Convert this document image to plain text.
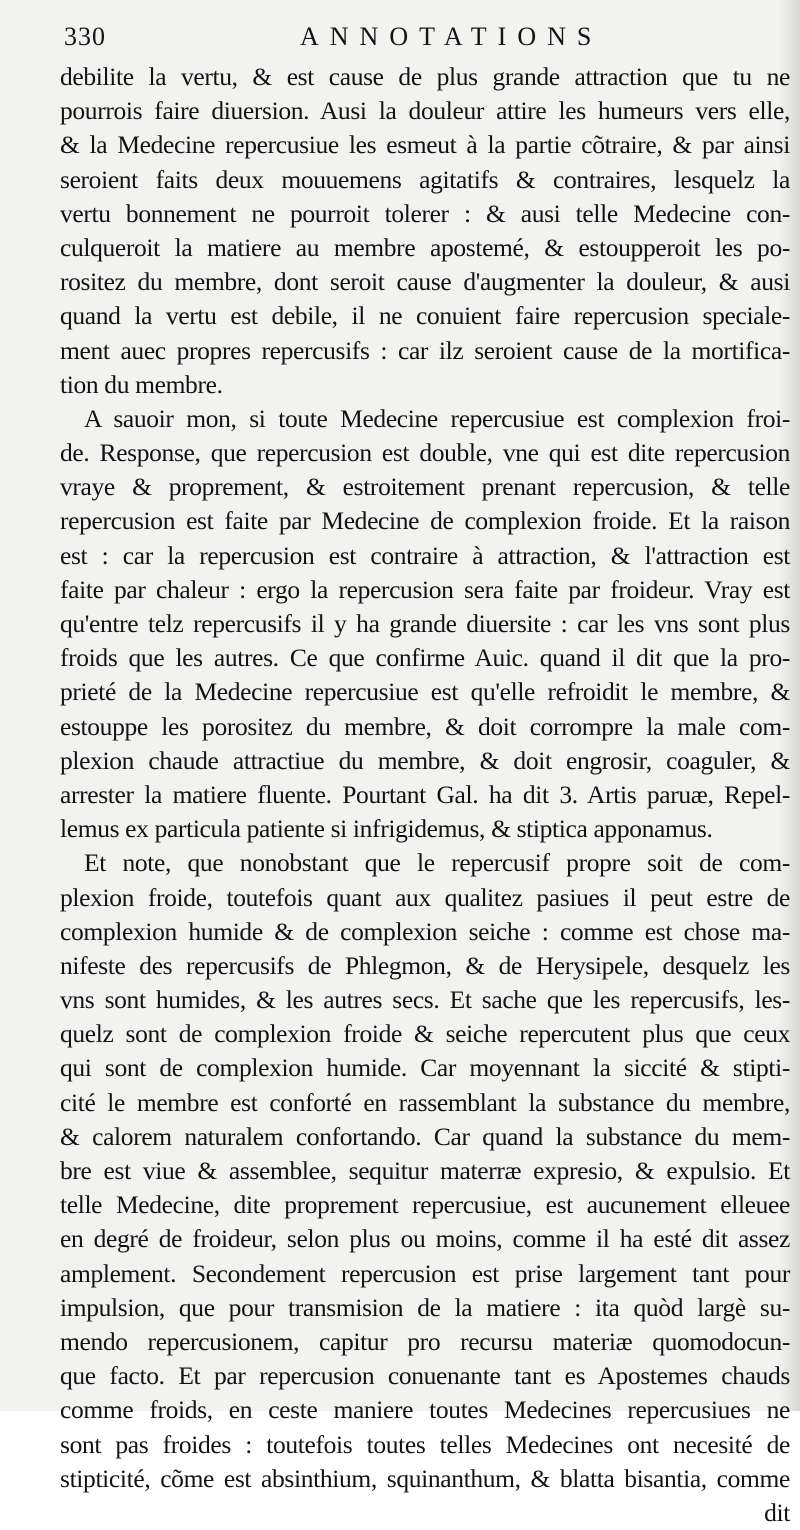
330	ANNOTATIONS
debilite la vertu, & est cause de plus grande attraction que tu ne
pourrois faire diuersion. Ausi la douleur attire les humeurs vers elle,
& la Medecine repercusiue les esmeut à la partie cõtraire, & par ainsi
seroient faits deux mouuemens agitatifs & contraires, lesquelz la
vertu bonnement ne pourroit tolerer : & ausi telle Medecine con-
culqueroit la matiere au membre apostemé, & estoupperoit les po-
rositez du membre, dont seroit cause d'augmenter la douleur, & ausi
quand la vertu est debile, il ne conuient faire repercusion speciale-
ment auec propres repercusifs : car ilz seroient cause de la mortifica-
tion du membre.
A sauoir mon, si toute Medecine repercusiue est complexion froi-
de. Response, que repercusion est double, vne qui est dite repercusion
vraye & proprement, & estroitement prenant repercusion, & telle
repercusion est faite par Medecine de complexion froide. Et la raison
est : car la repercusion est contraire à attraction, & l'attraction est
faite par chaleur : ergo la repercusion sera faite par froideur. Vray est
qu'entre telz repercusifs il y ha grande diuersite : car les vns sont plus
froids que les autres. Ce que confirme Auic. quand il dit que la pro-
prieté de la Medecine repercusiue est qu'elle refroidit le membre, &
estouppe les porositez du membre, & doit corrompre la male com-
plexion chaude attractiue du membre, & doit engrosir, coaguler, &
arrester la matiere fluente. Pourtant Gal. ha dit 3. Artis paruæ, Repel-
lemus ex particula patiente si infrigidemus, & stiptica apponamus.
Et note, que nonobstant que le repercusif propre soit de com-
plexion froide, toutefois quant aux qualitez pasiues il peut estre de
complexion humide & de complexion seiche : comme est chose ma-
nifeste des repercusifs de Phlegmon, & de Herysipele, desquelz les
vns sont humides, & les autres secs. Et sache que les repercusifs, les-
quelz sont de complexion froide & seiche repercutent plus que ceux
qui sont de complexion humide. Car moyennant la siccité & stipti-
cité le membre est conforté en rassemblant la substance du membre,
& calorem naturalem confortando. Car quand la substance du mem-
bre est viue & assemblee, sequitur materræ expresio, & expulsio. Et
telle Medecine, dite proprement repercusiue, est aucunement elleuee
en degré de froideur, selon plus ou moins, comme il ha esté dit assez
amplement. Secondement repercusion est prise largement tant pour
impulsion, que pour transmision de la matiere : ita quòd largè su-
mendo repercusionem, capitur pro recursu materiæ quomodocun-
que facto. Et par repercusion conuenante tant es Apostemes chauds
comme froids, en ceste maniere toutes Medecines repercusiues ne
sont pas froides : toutefois toutes telles Medecines ont necesité de
stipticité, cõme est absinthium, squinanthum, & blatta bisantia, comme
dit
